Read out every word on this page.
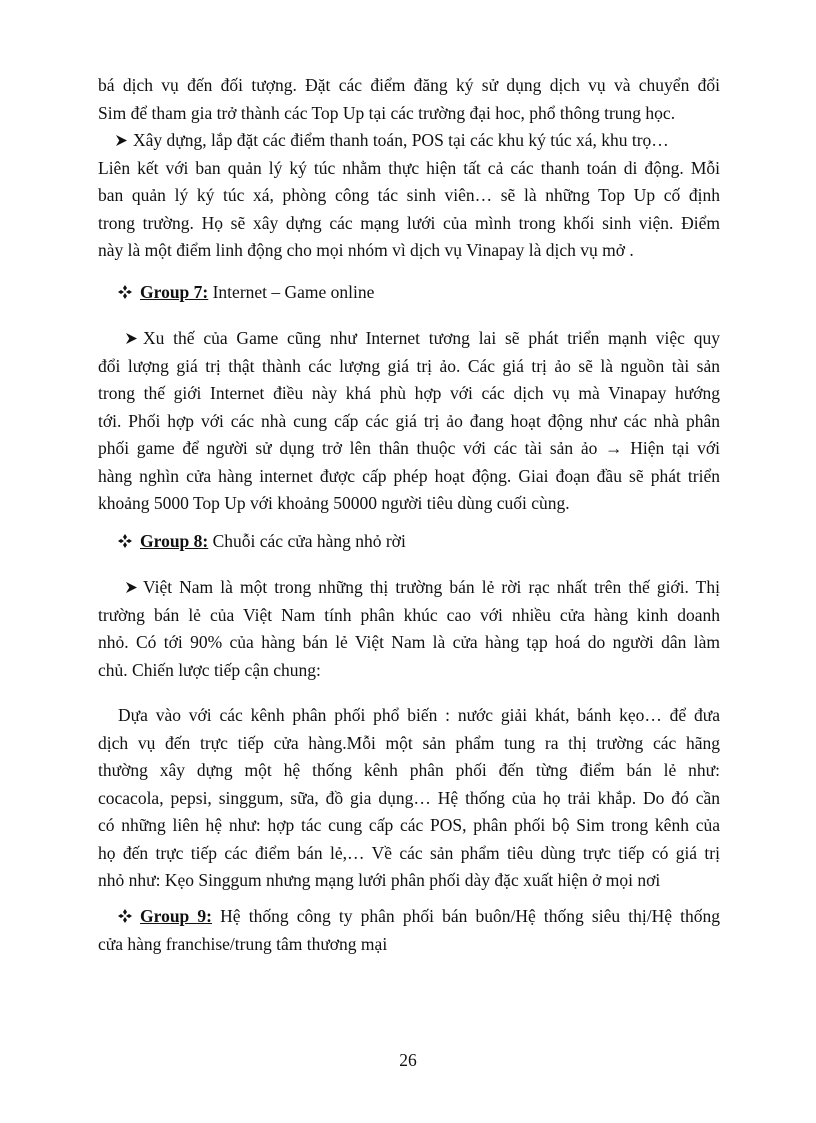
bá dịch vụ đến đối tượng. Đặt các điểm đăng ký sử dụng dịch vụ và chuyển đổi
Sim để tham gia trở thành các Top Up tại các trường đại hoc, phổ thông trung học.
Xây dựng, lắp đặt các điểm thanh toán, POS tại các khu ký túc xá, khu trọ…
Liên kết với ban quản lý ký túc nhằm thực hiện tất cả các thanh toán di động. Mỗi
ban quản lý ký túc xá, phòng công tác sinh viên… sẽ là những Top Up cố định
trong trường. Họ sẽ xây dựng các mạng lưới của mình trong khối sinh viện. Điểm
này là một điểm linh động cho mọi nhóm vì dịch vụ Vinapay là dịch vụ mở .
Group 7: Internet – Game online
Xu thế của Game cũng như Internet tương lai sẽ phát triển mạnh việc quy
đổi lượng giá trị thật thành các lượng giá trị ảo. Các giá trị ảo sẽ là nguồn tài sản
trong thế giới Internet điều này khá phù hợp với các dịch vụ mà Vinapay hướng
tới. Phối hợp với các nhà cung cấp các giá trị ảo đang hoạt động như các nhà phân
phối game để người sử dụng trở lên thân thuộc với các tài sản ảo → Hiện tại với
hàng nghìn cửa hàng internet được cấp phép hoạt động. Giai đoạn đầu sẽ phát triển
khoảng 5000 Top Up với khoảng 50000 người tiêu dùng cuối cùng.
Group 8: Chuỗi các cửa hàng nhỏ rời
Việt Nam là một trong những thị trường bán lẻ rời rạc nhất trên thế giới. Thị
trường bán lẻ của Việt Nam tính phân khúc cao với nhiều cửa hàng kinh doanh
nhỏ. Có tới 90% của hàng bán lẻ Việt Nam là cửa hàng tạp hoá do người dân làm
chủ. Chiến lược tiếp cận chung:
Dựa vào với các kênh phân phối phổ biến : nước giải khát, bánh kẹo… để đưa
dịch vụ đến trực tiếp cửa hàng.Mỗi một sản phẩm tung ra thị trường các hãng
thường xây dựng một hệ thống kênh phân phối đến từng điểm bán lẻ như:
cocacola, pepsi, singgum, sữa, đồ gia dụng… Hệ thống của họ trải khắp. Do đó cần
có những liên hệ như: hợp tác cung cấp các POS, phân phối bộ Sim trong kênh của
họ đến trực tiếp các điểm bán lẻ,… Về các sản phẩm tiêu dùng trực tiếp có giá trị
nhỏ như: Kẹo Singgum nhưng mạng lưới phân phối dày đặc xuất hiện ở mọi nơi
Group 9: Hệ thống công ty phân phối bán buôn/Hệ thống siêu thị/Hệ thống
cửa hàng franchise/trung tâm thương mại
26
